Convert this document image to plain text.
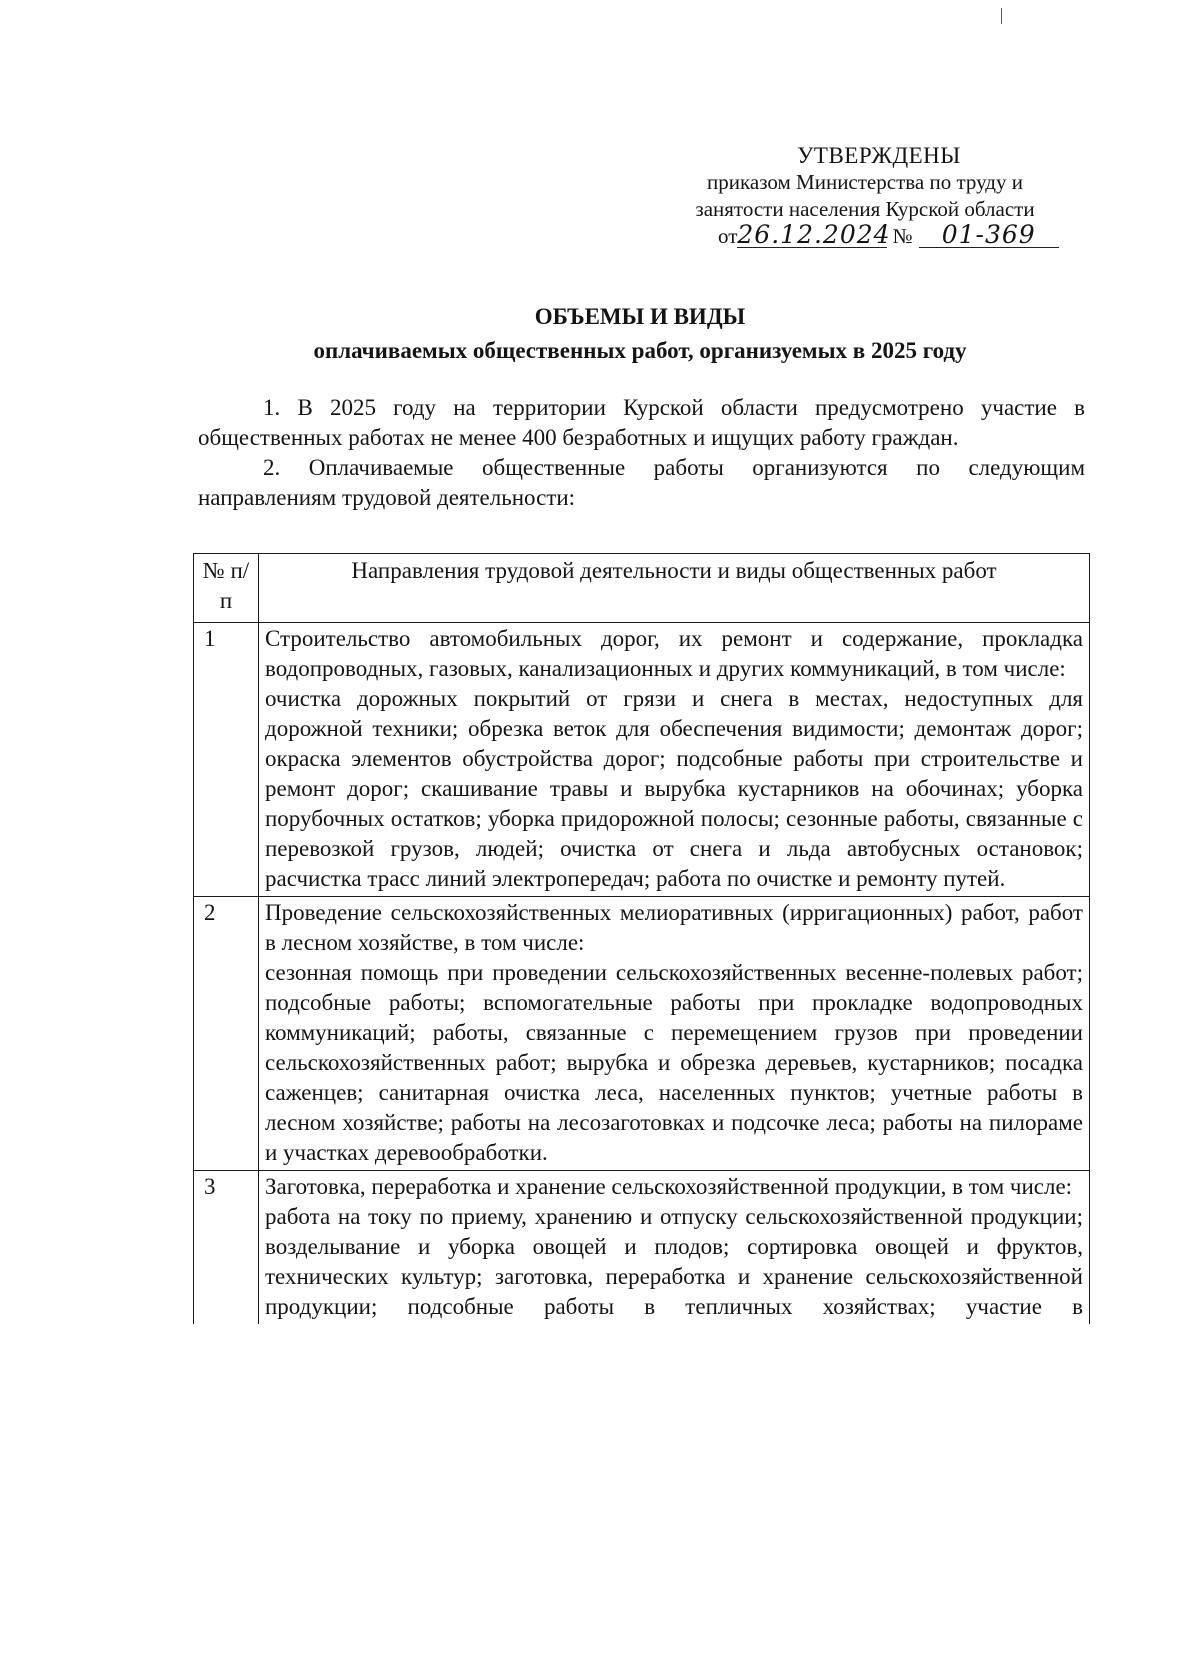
УТВЕРЖДЕНЫ
приказом Министерства по труду и
занятости населения Курской области
от26.12.2024 № 01-369
ОБЪЕМЫ И ВИДЫ
оплачиваемых общественных работ, организуемых в 2025 году

1. В 2025 году на территории Курской области предусмотрено участие в общественных работах не менее 400 безработных и ищущих работу граждан.

2. Оплачиваемые общественные работы организуются по следующим направлениям трудовой деятельности:

№ п/п	Направления трудовой деятельности и виды общественных работ
1	Строительство автомобильных дорог, их ремонт и содержание, прокладка водопроводных, газовых, канализационных и других коммуникаций, в том числе:
очистка дорожных покрытий от грязи и снега в местах, недоступных для дорожной техники; обрезка веток для обеспечения видимости; демонтаж дорог; окраска элементов обустройства дорог; подсобные работы при строительстве и ремонт дорог; скашивание травы и вырубка кустарников на обочинах; уборка порубочных остатков; уборка придорожной полосы; сезонные работы, связанные с перевозкой грузов, людей; очистка от снега и льда автобусных остановок; расчистка трасс линий электропередач; работа по очистке и ремонту путей.

2	Проведение сельскохозяйственных мелиоративных (ирригационных) работ, работ в лесном хозяйстве, в том числе:
сезонная помощь при проведении сельскохозяйственных весенне-полевых работ; подсобные работы; вспомогательные работы при прокладке водопроводных коммуникаций; работы, связанные с перемещением грузов при проведении сельскохозяйственных работ; вырубка и обрезка деревьев, кустарников; посадка саженцев; санитарная очистка леса, населенных пунктов; учетные работы в лесном хозяйстве; работы на лесозаготовках и подсочке леса; работы на пилораме и участках деревообработки.

3	Заготовка, переработка и хранение сельскохозяйственной продукции, в том числе:
работа на току по приему, хранению и отпуску сельскохозяйственной продукции; возделывание и уборка овощей и плодов; сортировка овощей и фруктов, технических культур; заготовка, переработка и хранение сельскохозяйственной продукции; подсобные работы в тепличных хозяйствах; участие в
